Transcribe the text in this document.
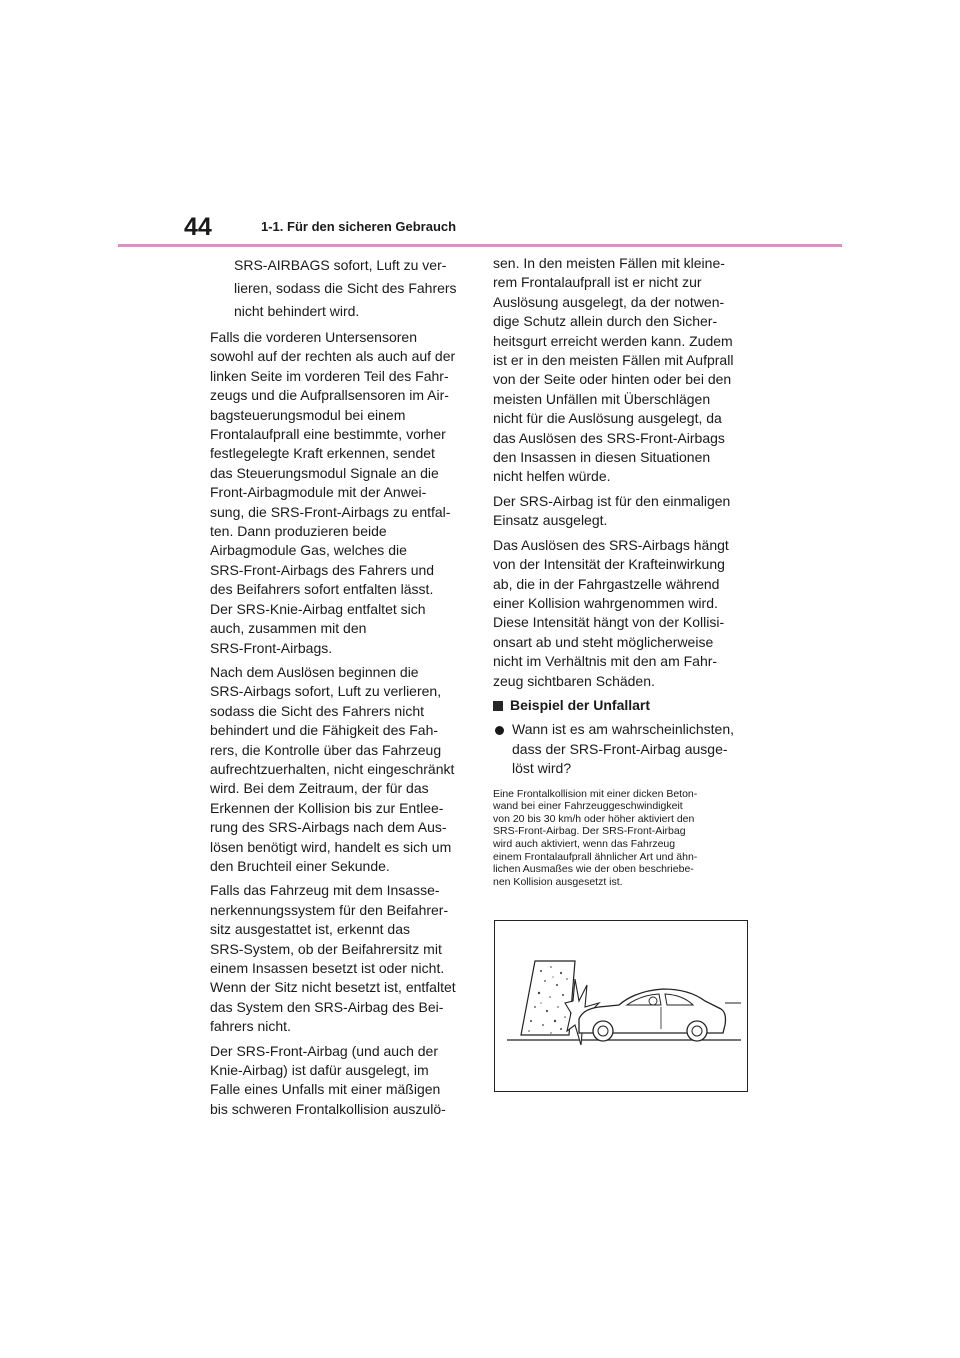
44	1-1. Für den sicheren Gebrauch

SRS-AIRBAGS sofort, Luft zu ver-

lieren, sodass die Sicht des Fahrers

nicht behindert wird.

Falls die vorderen Untersensoren

sowohl auf der rechten als auch auf der

linken Seite im vorderen Teil des Fahr-

zeugs und die Aufprallsensoren im Air-

bagsteuerungsmodul bei einem

Frontalaufprall eine bestimmte, vorher

festlegelegte Kraft erkennen, sendet

das Steuerungsmodul Signale an die

Front-Airbagmodule mit der Anwei-

sung, die SRS-Front-Airbags zu entfal-

ten. Dann produzieren beide

Airbagmodule Gas, welches die

SRS-Front-Airbags des Fahrers und

des Beifahrers sofort entfalten lässt.

Der SRS-Knie-Airbag entfaltet sich

auch, zusammen mit den

SRS-Front-Airbags.

Nach dem Auslösen beginnen die

SRS-Airbags sofort, Luft zu verlieren,

sodass die Sicht des Fahrers nicht

behindert und die Fähigkeit des Fah-

rers, die Kontrolle über das Fahrzeug

aufrechtzuerhalten, nicht eingeschränkt

wird. Bei dem Zeitraum, der für das

Erkennen der Kollision bis zur Entlee-

rung des SRS-Airbags nach dem Aus-

lösen benötigt wird, handelt es sich um

den Bruchteil einer Sekunde.

Falls das Fahrzeug mit dem Insasse-

nerkennungssystem für den Beifahrer-

sitz ausgestattet ist, erkennt das

SRS-System, ob der Beifahrersitz mit

einem Insassen besetzt ist oder nicht.

Wenn der Sitz nicht besetzt ist, entfaltet

das System den SRS-Airbag des Bei-

fahrers nicht.

Der SRS-Front-Airbag (und auch der

Knie-Airbag) ist dafür ausgelegt, im

Falle eines Unfalls mit einer mäßigen

bis schweren Frontalkollision auszulö-

sen. In den meisten Fällen mit kleine-

rem Frontalaufprall ist er nicht zur

Auslösung ausgelegt, da der notwen-

dige Schutz allein durch den Sicher-

heitsgurt erreicht werden kann. Zudem

ist er in den meisten Fällen mit Aufprall

von der Seite oder hinten oder bei den

meisten Unfällen mit Überschlägen

nicht für die Auslösung ausgelegt, da

das Auslösen des SRS-Front-Airbags

den Insassen in diesen Situationen

nicht helfen würde.

Der SRS-Airbag ist für den einmaligen

Einsatz ausgelegt.

Das Auslösen des SRS-Airbags hängt

von der Intensität der Krafteinwirkung

ab, die in der Fahrgastzelle während

einer Kollision wahrgenommen wird.

Diese Intensität hängt von der Kollisi-

onsart ab und steht möglicherweise

nicht im Verhältnis mit den am Fahr-

zeug sichtbaren Schäden.

Beispiel der Unfallart

Wann ist es am wahrscheinlichsten,

dass der SRS-Front-Airbag ausge-

löst wird?

Eine Frontalkollision mit einer dicken Beton-

wand bei einer Fahrzeuggeschwindigkeit

von 20 bis 30 km/h oder höher aktiviert den

SRS-Front-Airbag. Der SRS-Front-Airbag

wird auch aktiviert, wenn das Fahrzeug

einem Frontalaufprall ähnlicher Art und ähn-

lichen Ausmaßes wie der oben beschriebe-

nen Kollision ausgesetzt ist.
